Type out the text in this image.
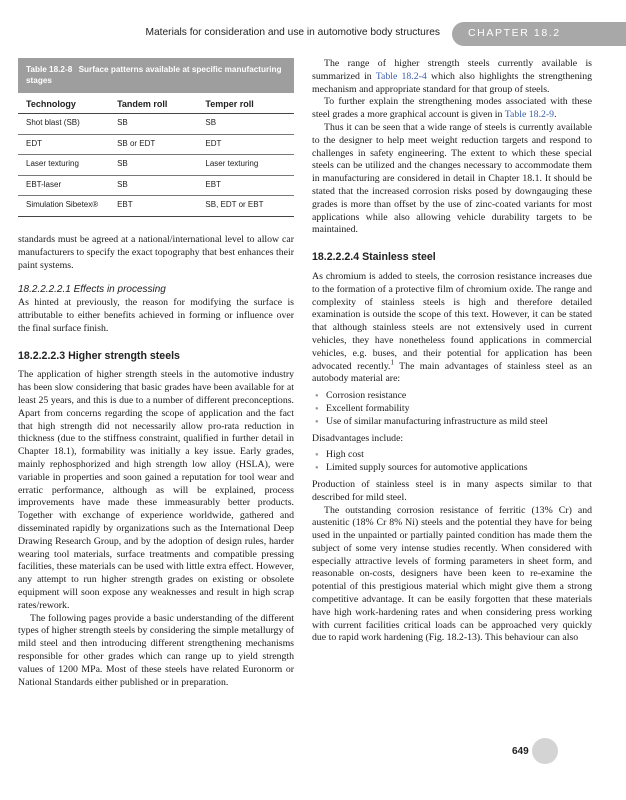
Materials for consideration and use in automotive body structures	CHAPTER 18.2
Table 18.2-8 Surface patterns available at specific manufacturing stages
Technology	Tandem roll	Temper roll
Shot blast (SB)	SB	SB
EDT	SB or EDT	EDT
Laser texturing	SB	Laser texturing
EBT-laser	SB	EBT
Simulation Sibetex®	EBT	SB, EDT or EBT

standards must be agreed at a national/international level to allow car manufacturers to specify the exact topography that best enhances their paint systems.

18.2.2.2.2.1 Effects in processing

As hinted at previously, the reason for modifying the surface is attributable to either benefits achieved in forming or influence over the final surface finish.

18.2.2.2.3 Higher strength steels

The application of higher strength steels in the automotive industry has been slow considering that basic grades have been available for at least 25 years, and this is due to a number of different preconceptions. Apart from concerns regarding the scope of application and the fact that high strength did not necessarily allow pro-rata reduction in thickness (due to the stiffness constraint, qualified in further detail in Chapter 18.1), formability was initially a key issue. Early grades, mainly rephosphorized and high strength low alloy (HSLA), were variable in properties and soon gained a reputation for tool wear and erratic performance, although as will be explained, process improvements have made these immeasurably better products. Together with exchange of experience worldwide, gathered and disseminated rapidly by organizations such as the International Deep Drawing Research Group, and by the adoption of design rules, harder wearing tool materials, surface treatments and compatible pressing facilities, these materials can be used with little extra effect. However, any attempt to run higher strength grades on existing or obsolete equipment will soon expose any weaknesses and result in high scrap rates/rework.

The following pages provide a basic understanding of the different types of higher strength steels by considering the simple metallurgy of mild steel and then introducing different strengthening mechanisms responsible for other grades which can range up to yield strength values of 1200 MPa. Most of these steels have related Euronorm or National Standards either published or in preparation.

The range of higher strength steels currently available is summarized in Table 18.2-4 which also highlights the strengthening mechanism and appropriate standard for that group of steels.

To further explain the strengthening modes associated with these steel grades a more graphical account is given in Table 18.2-9.

Thus it can be seen that a wide range of steels is currently available to the designer to help meet weight reduction targets and respond to challenges in safety engineering. The extent to which these special steels can be utilized and the changes necessary to accommodate them in manufacturing are considered in detail in Chapter 18.1. It should be stated that the increased corrosion risks posed by downgauging these grades is more than offset by the use of zinc-coated variants for most applications while also allowing vehicle durability targets to be maintained.

18.2.2.2.4 Stainless steel

As chromium is added to steels, the corrosion resistance increases due to the formation of a protective film of chromium oxide. The range and complexity of stainless steels is high and therefore detailed examination is outside the scope of this text. However, it can be stated that although stainless steels are not extensively used in current vehicles, they have nonetheless found applications in commercial vehicles, e.g. buses, and their potential for application has been advocated recently.$^1$ The main advantages of stainless steel as an autobody material are:

● Corrosion resistance
● Excellent formability
● Use of similar manufacturing infrastructure as mild steel

Disadvantages include:

● High cost
● Limited supply sources for automotive applications

Production of stainless steel is in many aspects similar to that described for mild steel.

The outstanding corrosion resistance of ferritic (13% Cr) and austenitic (18% Cr 8% Ni) steels and the potential they have for being used in the unpainted or partially painted condition has made them the subject of some very intense studies recently. When considered with especially attractive levels of forming parameters in sheet form, and reasonable on-costs, designers have been keen to re-examine the potential of this prestigious material which might give them a strong competitive advantage. It can be easily forgotten that these materials have high work-hardening rates and when considering press working with current facilities critical loads can be approached very quickly due to rapid work hardening (Fig. 18.2-13). This behaviour can also

649
